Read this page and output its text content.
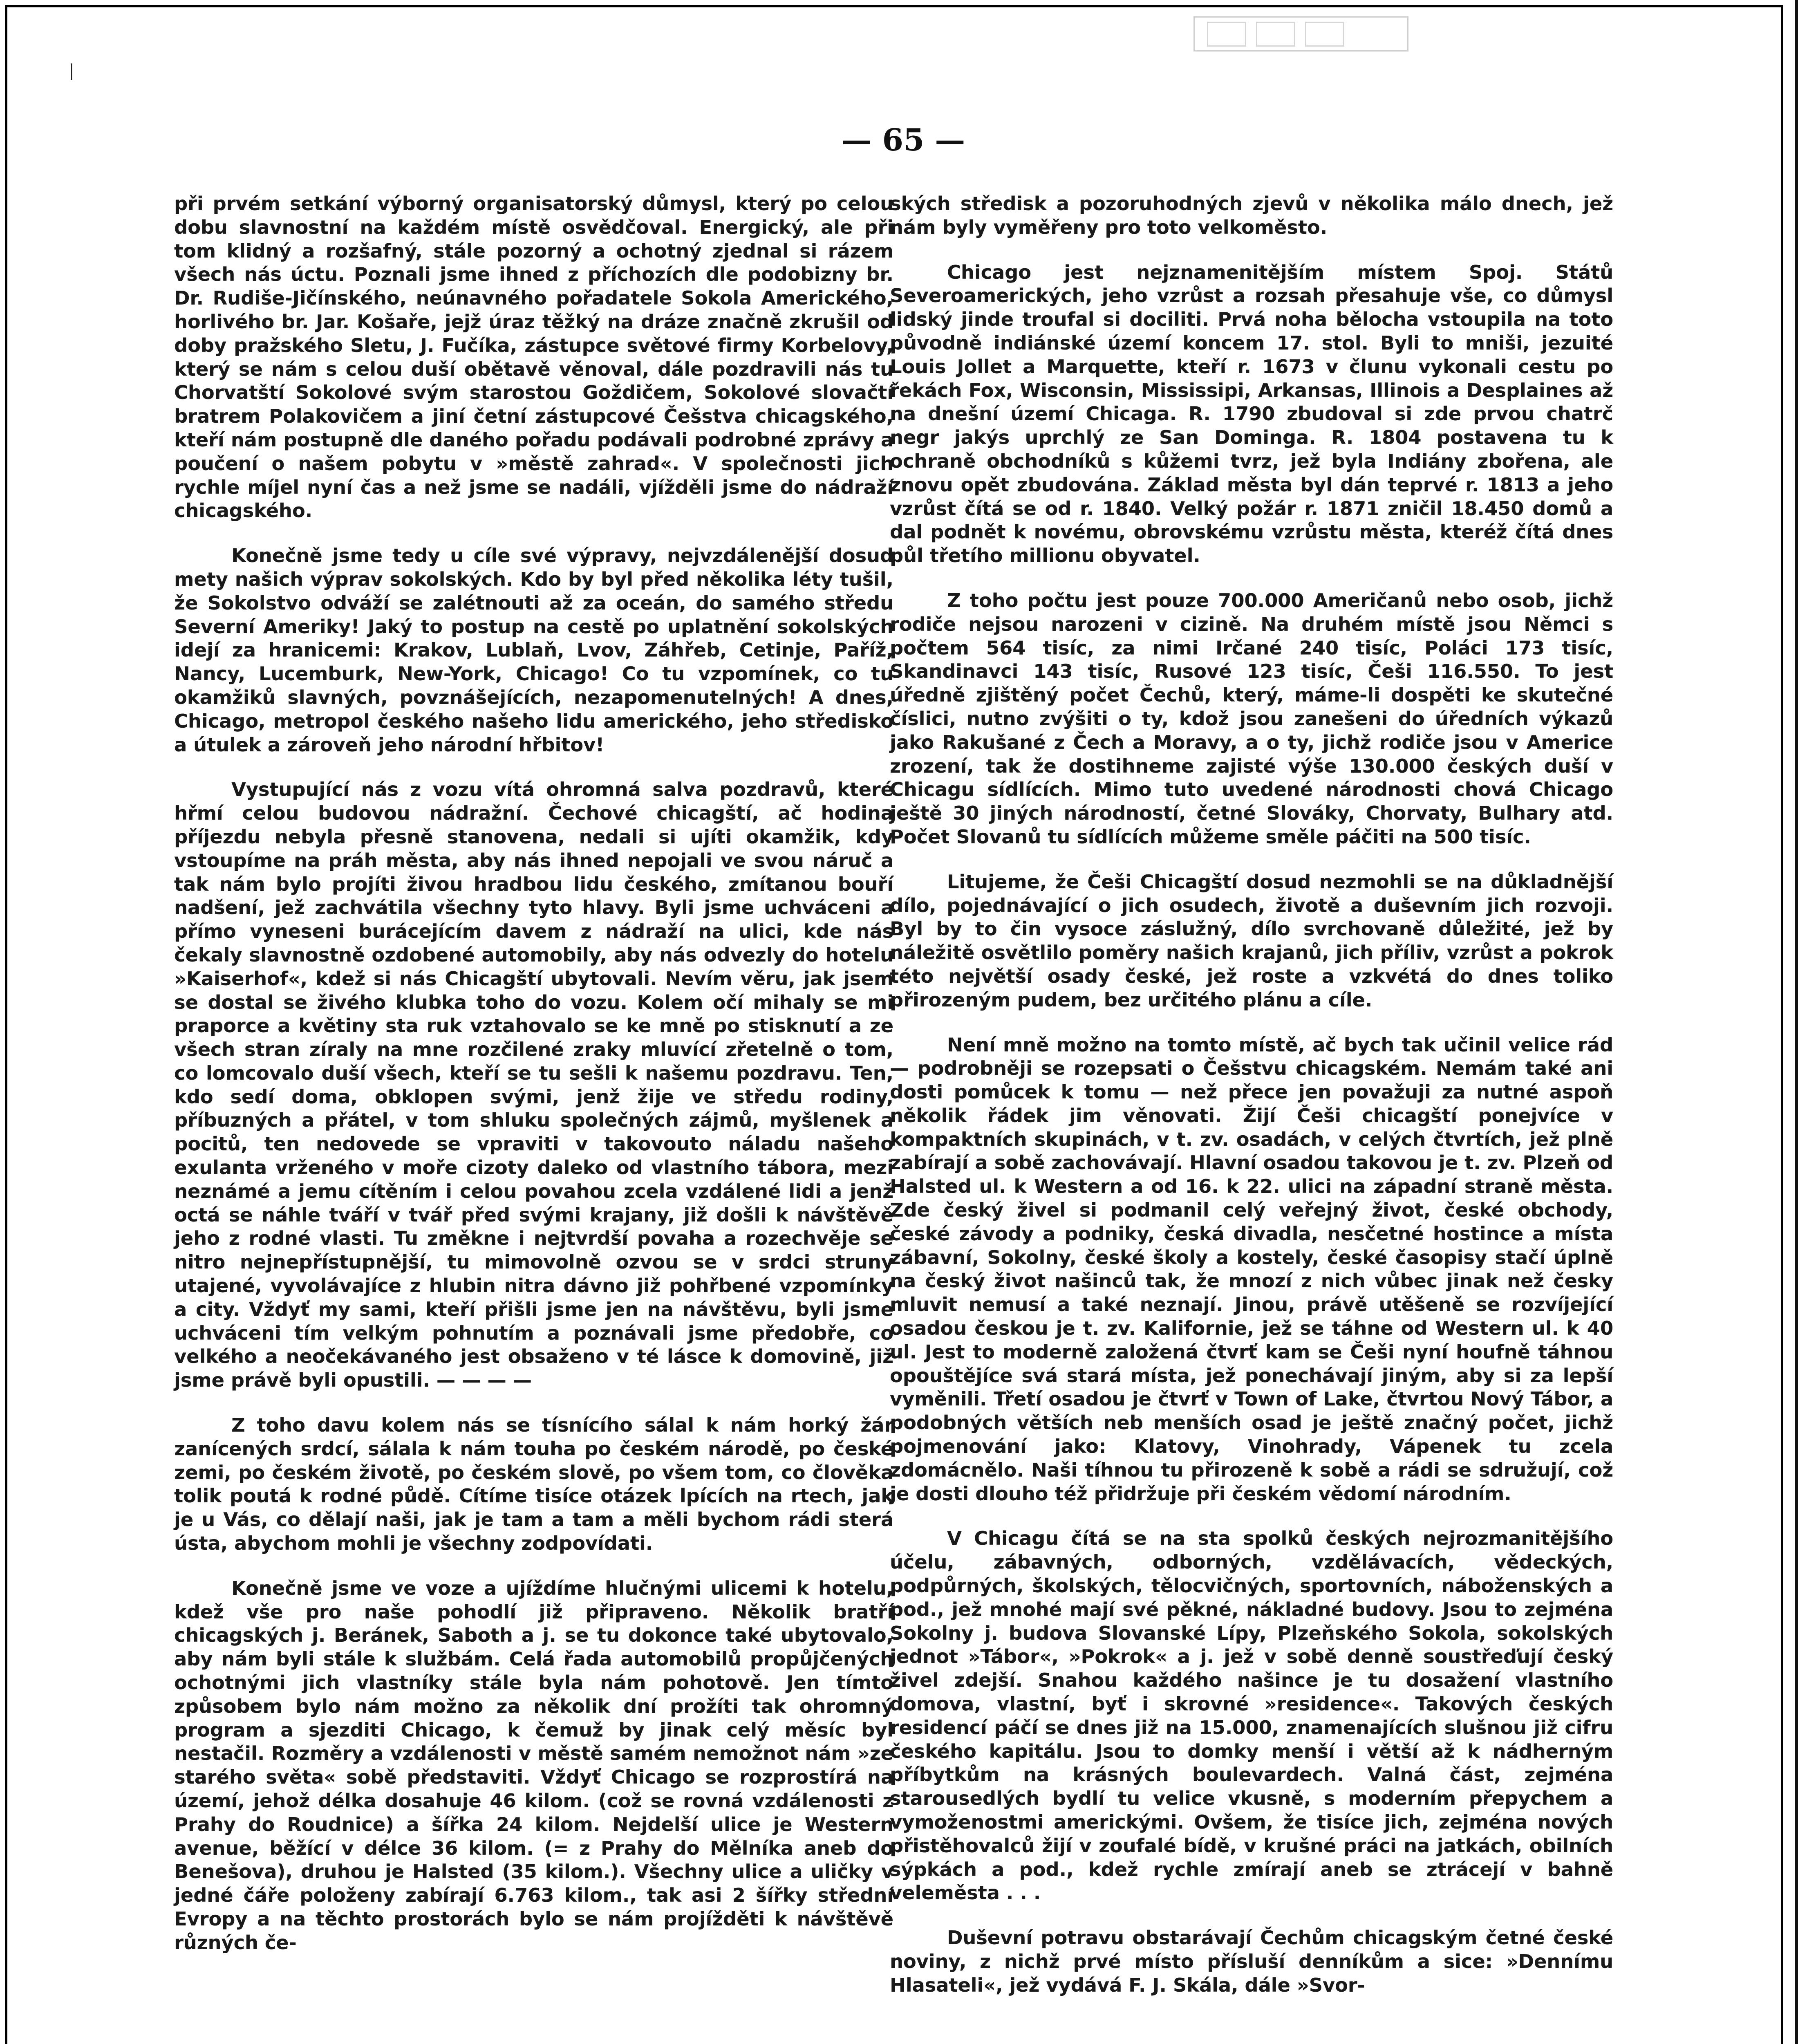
|
— 65 —

při prvém setkání výborný organisatorský důmysl, který po celou dobu slavnostní na každém místě osvědčoval. Energický, ale při tom klidný a rozšafný, stále pozorný a ochotný zjednal si rázem všech nás úctu. Poznali jsme ihned z příchozích dle podobizny br. Dr. Rudiše-Jičínského, neúnavného pořadatele Sokola Amerického, horlivého br. Jar. Košaře, jejž úraz těžký na dráze značně zkrušil od doby pražského Sletu, J. Fučíka, zástupce světové firmy Korbelovy, který se nám s celou duší obětavě věnoval, dále pozdravili nás tu Chorvatští Sokolové svým starostou Goždičem, Sokolové slovačtí bratrem Polakovičem a jiní četní zástupcové Češstva chicagského, kteří nám postupně dle daného pořadu podávali podrobné zprávy a poučení o našem pobytu v »městě zahrad«. V společnosti jich rychle míjel nyní čas a než jsme se nadáli, vjížděli jsme do nádraží chicagského.

Konečně jsme tedy u cíle své výpravy, nejvzdálenější dosud mety našich výprav sokolských. Kdo by byl před několika léty tušil, že Sokolstvo odváží se zalétnouti až za oceán, do samého středu Severní Ameriky! Jaký to postup na cestě po uplatnění sokolských idejí za hranicemi: Krakov, Lublaň, Lvov, Záhřeb, Cetinje, Paříž, Nancy, Lucemburk, New-York, Chicago! Co tu vzpomínek, co tu okamžiků slavných, povznášejících, nezapomenutelných! A dnes, Chicago, metropol českého našeho lidu amerického, jeho středisko a útulek a zároveň jeho národní hřbitov!

Vystupující nás z vozu vítá ohromná salva pozdravů, které hřmí celou budovou nádražní. Čechové chicagští, ač hodina příjezdu nebyla přesně stanovena, nedali si ujíti okamžik, kdy vstoupíme na práh města, aby nás ihned nepojali ve svou náruč a tak nám bylo projíti živou hradbou lidu českého, zmítanou bouří nadšení, jež zachvátila všechny tyto hlavy. Byli jsme uchváceni a přímo vyneseni burácejícím davem z nádraží na ulici, kde nás čekaly slavnostně ozdobené automobily, aby nás odvezly do hotelu »Kaiserhof«, kdež si nás Chicagští ubytovali. Nevím věru, jak jsem se dostal se živého klubka toho do vozu. Kolem očí mihaly se mi praporce a květiny sta ruk vztahovalo se ke mně po stisknutí a ze všech stran zíraly na mne rozčilené zraky mluvící zřetelně o tom, co lomcovalo duší všech, kteří se tu sešli k našemu pozdravu. Ten, kdo sedí doma, obklopen svými, jenž žije ve středu rodiny, příbuzných a přátel, v tom shluku společných zájmů, myšlenek a pocitů, ten nedovede se vpraviti v takovouto náladu našeho exulanta vrženého v moře cizoty daleko od vlastního tábora, mezi neznámé a jemu cítěním i celou povahou zcela vzdálené lidi a jenž octá se náhle tváří v tvář před svými krajany, již došli k návštěvě jeho z rodné vlasti. Tu změkne i nejtvrdší povaha a rozechvěje se nitro nejnepřístupnější, tu mimovolně ozvou se v srdci struny utajené, vyvolávajíce z hlubin nitra dávno již pohřbené vzpomínky a city. Vždyť my sami, kteří přišli jsme jen na návštěvu, byli jsme uchváceni tím velkým pohnutím a poznávali jsme předobře, co velkého a neočekávaného jest obsaženo v té lásce k domovině, již jsme právě byli opustili. — — — —

Z toho davu kolem nás se tísnícího sálal k nám horký žár zanícených srdcí, sálala k nám touha po českém národě, po české zemi, po českém životě, po českém slově, po všem tom, co člověka tolik poutá k rodné půdě. Cítíme tisíce otázek lpících na rtech, jak je u Vás, co dělají naši, jak je tam a tam a měli bychom rádi sterá ústa, abychom mohli je všechny zodpovídati.

Konečně jsme ve voze a ujíždíme hlučnými ulicemi k hotelu, kdež vše pro naše pohodlí již připraveno. Několik bratří chicagských j. Beránek, Saboth a j. se tu dokonce také ubytovalo, aby nám byli stále k službám. Celá řada automobilů propůjčených ochotnými jich vlastníky stále byla nám pohotově. Jen tímto způsobem bylo nám možno za několik dní prožíti tak ohromný program a sjezditi Chicago, k čemuž by jinak celý měsíc byl nestačil. Rozměry a vzdálenosti v městě samém nemožnot nám »ze starého světa« sobě představiti. Vždyť Chicago se rozprostírá na území, jehož délka dosahuje 46 kilom. (což se rovná vzdálenosti z Prahy do Roudnice) a šířka 24 kilom. Nejdelší ulice je Western avenue, běžící v délce 36 kilom. (= z Prahy do Mělníka aneb do Benešova), druhou je Halsted (35 kilom.). Všechny ulice a uličky v jedné čáře položeny zabírají 6.763 kilom., tak asi 2 šířky střední Evropy a na těchto prostorách bylo se nám projížděti k návštěvě různých če-

ských středisk a pozoruhodných zjevů v několika málo dnech, jež nám byly vyměřeny pro toto velkoměsto.

Chicago jest nejznamenitějším místem Spoj. Států Severoamerických, jeho vzrůst a rozsah přesahuje vše, co důmysl lidský jinde troufal si dociliti. Prvá noha bělocha vstoupila na toto původně indiánské území koncem 17. stol. Byli to mniši, jezuité Louis Jollet a Marquette, kteří r. 1673 v člunu vykonali cestu po řekách Fox, Wisconsin, Mississipi, Arkansas, Illinois a Desplaines až na dnešní území Chicaga. R. 1790 zbudoval si zde prvou chatrč negr jakýs uprchlý ze San Dominga. R. 1804 postavena tu k ochraně obchodníků s kůžemi tvrz, jež byla Indiány zbořena, ale znovu opět zbudována. Základ města byl dán teprvé r. 1813 a jeho vzrůst čítá se od r. 1840. Velký požár r. 1871 zničil 18.450 domů a dal podnět k novému, obrovskému vzrůstu města, kteréž čítá dnes půl třetího millionu obyvatel.

Z toho počtu jest pouze 700.000 Američanů nebo osob, jichž rodiče nejsou narozeni v cizině. Na druhém místě jsou Němci s počtem 564 tisíc, za nimi Irčané 240 tisíc, Poláci 173 tisíc, Skandinavci 143 tisíc, Rusové 123 tisíc, Češi 116.550. To jest úředně zjištěný počet Čechů, který, máme-li dospěti ke skutečné číslici, nutno zvýšiti o ty, kdož jsou zanešeni do úředních výkazů jako Rakušané z Čech a Moravy, a o ty, jichž rodiče jsou v Americe zrození, tak že dostihneme zajisté výše 130.000 českých duší v Chicagu sídlících. Mimo tuto uvedené národnosti chová Chicago ještě 30 jiných národností, četné Slováky, Chorvaty, Bulhary atd. Počet Slovanů tu sídlících můžeme směle páčiti na 500 tisíc.

Litujeme, že Češi Chicagští dosud nezmohli se na důkladnější dílo, pojednávající o jich osudech, životě a duševním jich rozvoji. Byl by to čin vysoce záslužný, dílo svrchovaně důležité, jež by náležitě osvětlilo poměry našich krajanů, jich příliv, vzrůst a pokrok této největší osady české, jež roste a vzkvétá do dnes toliko přirozeným pudem, bez určitého plánu a cíle.

Není mně možno na tomto místě, ač bych tak učinil velice rád — podrobněji se rozepsati o Češstvu chicagském. Nemám také ani dosti pomůcek k tomu — než přece jen považuji za nutné aspoň několik řádek jim věnovati. Žijí Češi chicagští ponejvíce v kompaktních skupinách, v t. zv. osadách, v celých čtvrtích, jež plně zabírají a sobě zachovávají. Hlavní osadou takovou je t. zv. Plzeň od Halsted ul. k Western a od 16. k 22. ulici na západní straně města. Zde český živel si podmanil celý veřejný život, české obchody, české závody a podniky, česká divadla, nesčetné hostince a místa zábavní, Sokolny, české školy a kostely, české časopisy stačí úplně na český život našinců tak, že mnozí z nich vůbec jinak než česky mluvit nemusí a také neznají. Jinou, právě utěšeně se rozvíjející osadou českou je t. zv. Kalifornie, jež se táhne od Western ul. k 40 ul. Jest to moderně založená čtvrť kam se Češi nyní houfně táhnou opouštějíce svá stará místa, jež ponechávají jiným, aby si za lepší vyměnili. Třetí osadou je čtvrť v Town of Lake, čtvrtou Nový Tábor, a podobných větších neb menších osad je ještě značný počet, jichž pojmenování jako: Klatovy, Vinohrady, Vápenek tu zcela zdomácnělo. Naši tíhnou tu přirozeně k sobě a rádi se sdružují, což je dosti dlouho též přidržuje při českém vědomí národním.

V Chicagu čítá se na sta spolků českých nejrozmanitějšího účelu, zábavných, odborných, vzdělávacích, vědeckých, podpůrných, školských, tělocvičných, sportovních, náboženských a pod., jež mnohé mají své pěkné, nákladné budovy. Jsou to zejména Sokolny j. budova Slovanské Lípy, Plzeňského Sokola, sokolských jednot »Tábor«, »Pokrok« a j. jež v sobě denně soustřeďují český živel zdejší. Snahou každého našince je tu dosažení vlastního domova, vlastní, byť i skrovné »residence«. Takových českých residencí páčí se dnes již na 15.000, znamenajících slušnou již cifru českého kapitálu. Jsou to domky menší i větší až k nádherným příbytkům na krásných boulevardech. Valná část, zejména starousedlých bydlí tu velice vkusně, s moderním přepychem a vymoženostmi americkými. Ovšem, že tisíce jich, zejména nových přistěhovalců žijí v zoufalé bídě, v krušné práci na jatkách, obilních sýpkách a pod., kdež rychle zmírají aneb se ztrácejí v bahně veleměsta . . .

Duševní potravu obstarávají Čechům chicagským četné české noviny, z nichž prvé místo přísluší denníkům a sice: »Dennímu Hlasateli«, jež vydává F. J. Skála, dále »Svor-
